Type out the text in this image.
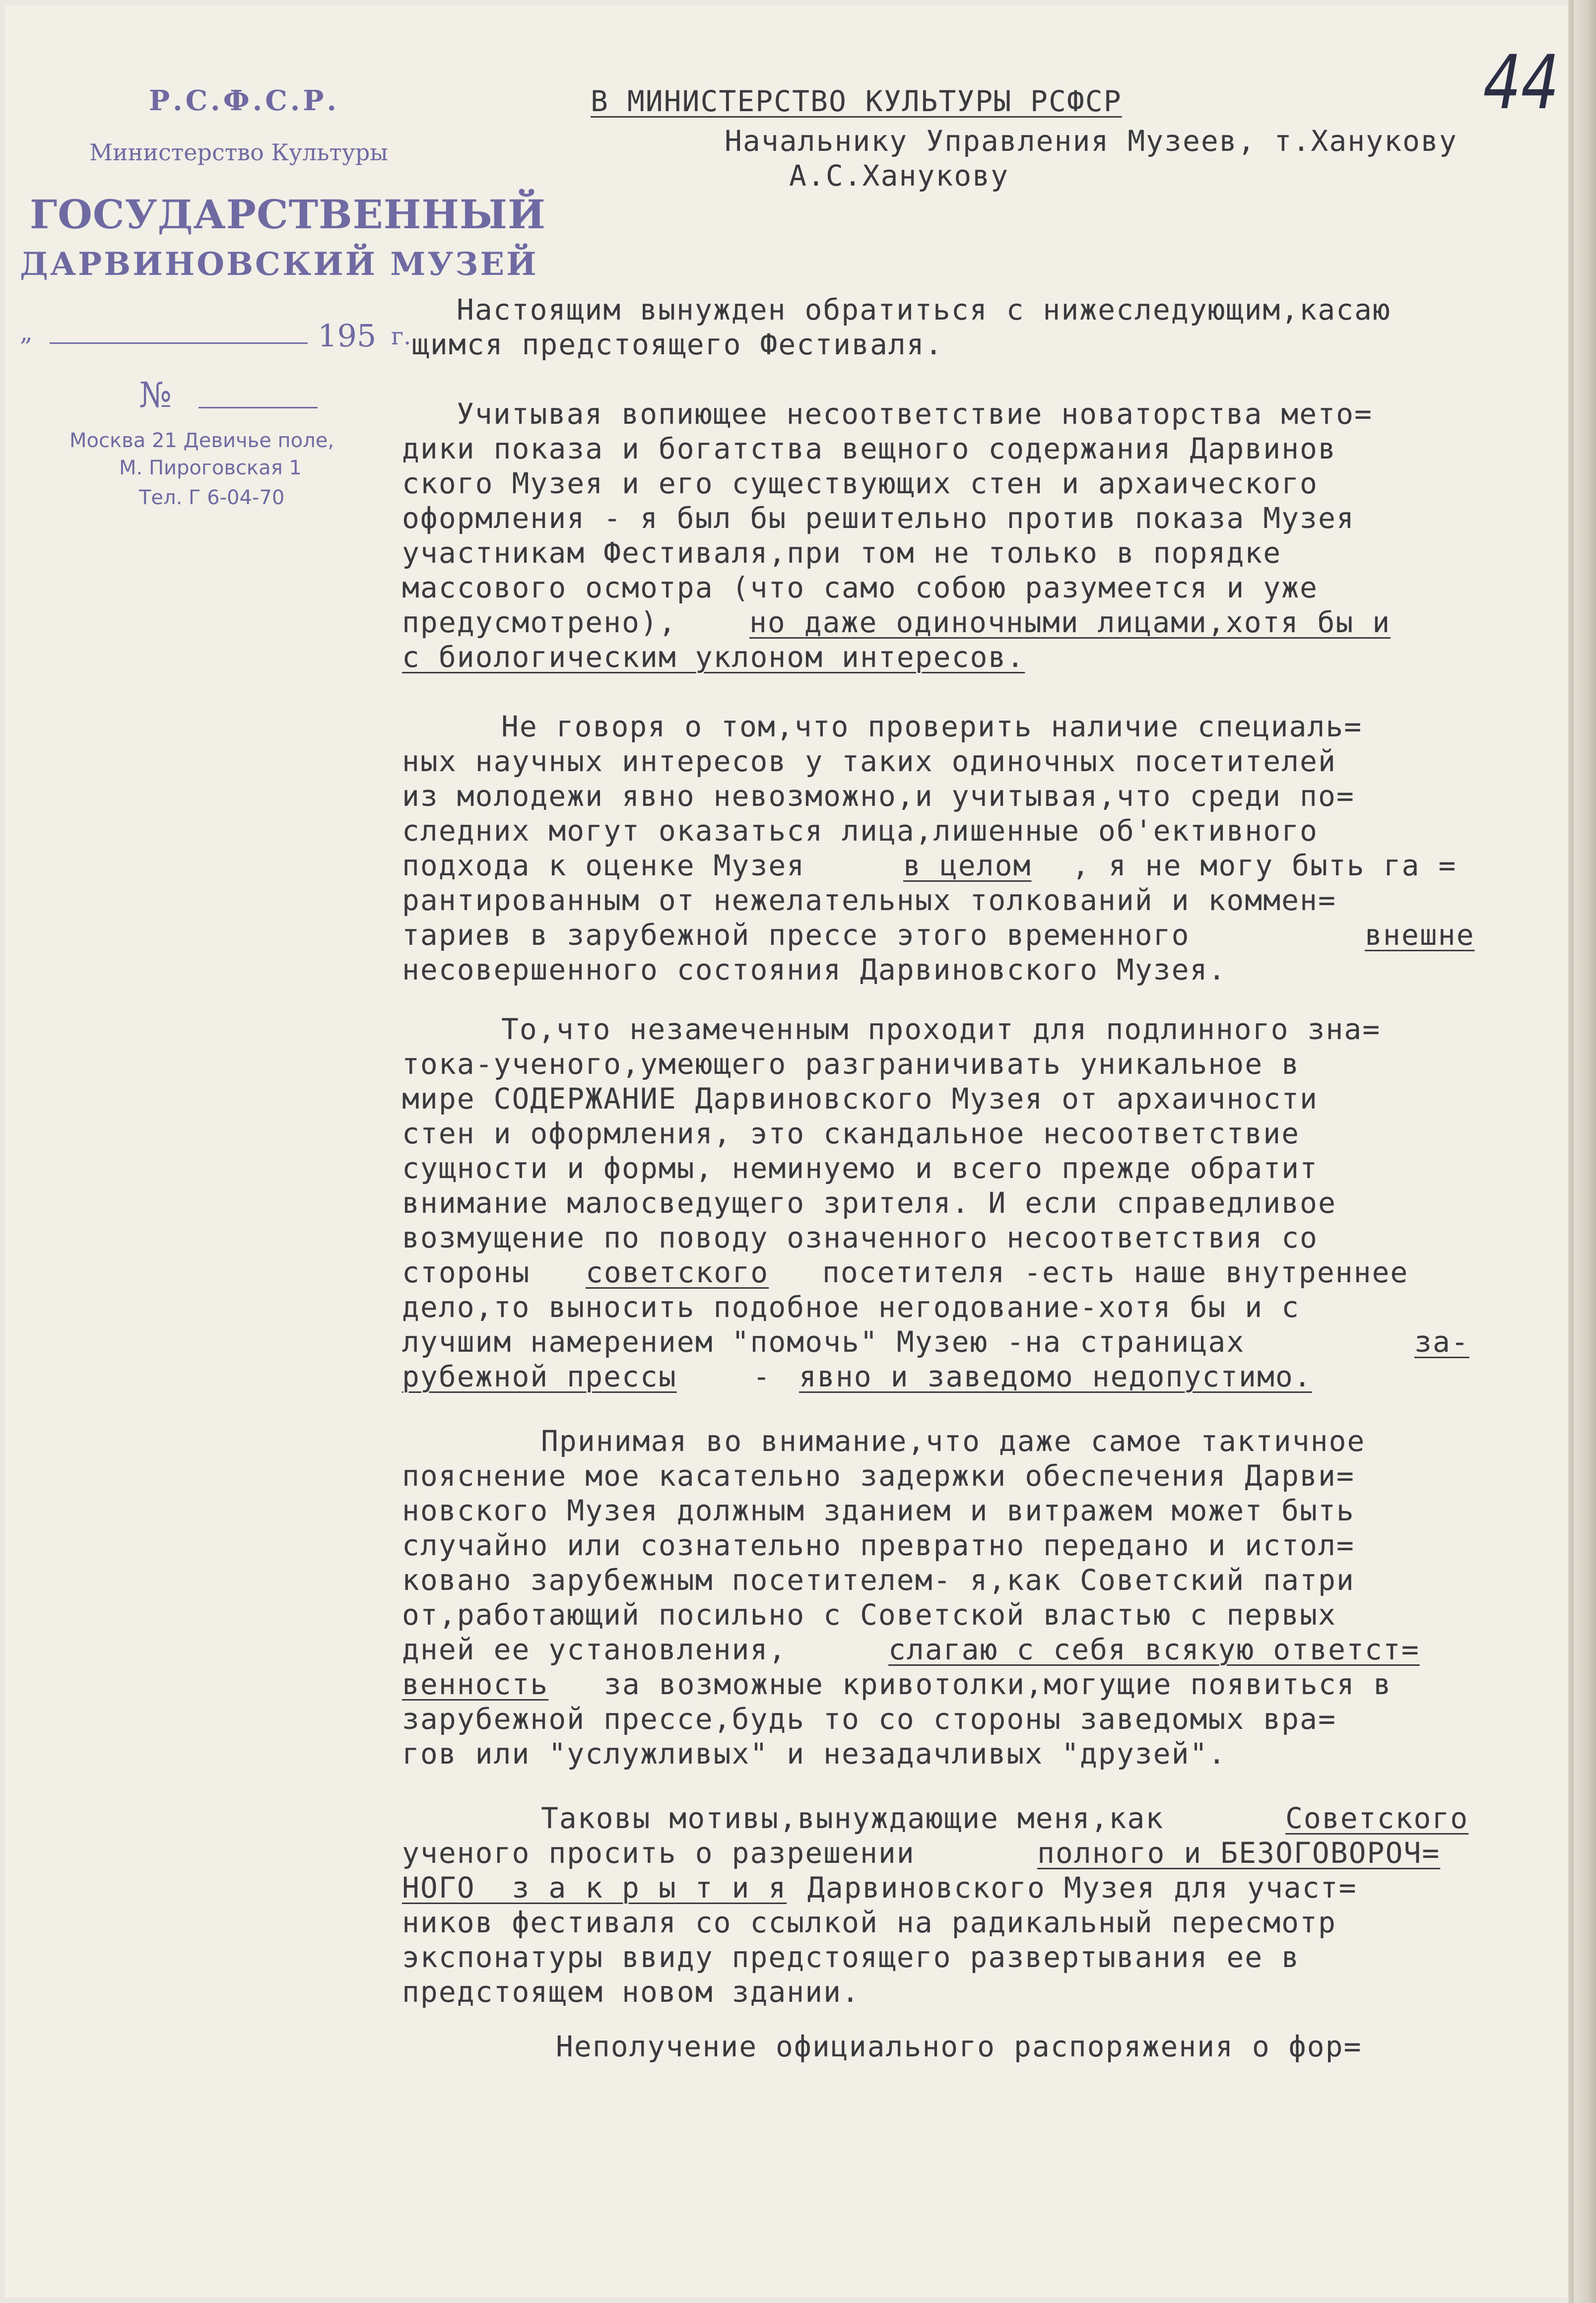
44
Р.С.Ф.С.Р.
Министерство Культуры
ГОСУДАРСТВЕННЫЙ
ДАРВИНОВСКИЙ МУЗЕЙ
„	195 г.
№
Москва 21 Девичье поле,
М. Пироговская 1
Тел. Г 6-04-70
В МИНИСТЕРСТВО КУЛЬТУРЫ РСФСР
Начальнику Управления Музеев, т.Ханукову
А.С.Ханукову
Настоящим вынужден обратиться с нижеследующим,касаю
щимся предстоящего Фестиваля.
Учитывая вопиющее несоответствие новаторства мето=
дики показа и богатства вещного содержания Дарвинов
ского Музея и его существующих стен и архаического
оформления - я был бы решительно против показа Музея
участникам Фестиваля,при том не только в порядке
массового осмотра (что само собою разумеется и уже
предусмотрено), но даже одиночными лицами,хотя бы и
с биологическим уклоном интересов.
Не говоря о том,что проверить наличие специаль=
ных научных интересов у таких одиночных посетителей
из молодежи явно невозможно,и учитывая,что среди по=
следних могут оказаться лица,лишенные об'ективного
подхода к оценке Музея	в целом , я не могу быть га =
рантированным от нежелательных толкований и коммен=
тариев в зарубежной прессе этого временного	внешне
несовершенного состояния Дарвиновского Музея.
То,что незамеченным проходит для подлинного зна=
тока-ученого,умеющего разграничивать уникальное в
мире СОДЕРЖАНИЕ Дарвиновского Музея от архаичности
стен и оформления, это скандальное несоответствие
сущности и формы, неминуемо и всего прежде обратит
внимание малосведущего зрителя. И если справедливое
возмущение по поводу означенного несоответствия со
стороны советского посетителя -есть наше внутреннее
дело,то выносить подобное негодование-хотя бы и с
лучшим намерением "помочь" Музею -на страницах	за-
рубежной прессы - явно и заведомо недопустимо.
Принимая во внимание,что даже самое тактичное
пояснение мое касательно задержки обеспечения Дарви=
новского Музея должным зданием и витражем может быть
случайно или сознательно превратно передано и истол=
ковано зарубежным посетителем- я,как Советский патри
от,работающий посильно с Советской властью с первых
дней ее установления,	слагаю с себя всякую ответст=
венность за возможные кривотолки,могущие появиться в
зарубежной прессе,будь то со стороны заведомых вра=
гов или "услужливых" и незадачливых "друзей".
Таковы мотивы,вынуждающие меня,как	Советского
ученого просить о разрешении	полного и БЕЗОГОВОРОЧ=
НОГО  з а к р ы т и я Дарвиновского Музея для участ=
ников фестиваля со ссылкой на радикальный пересмотр
экспонатуры ввиду предстоящего развертывания ее в
предстоящем новом здании.
Неполучение официального распоряжения о фор=
